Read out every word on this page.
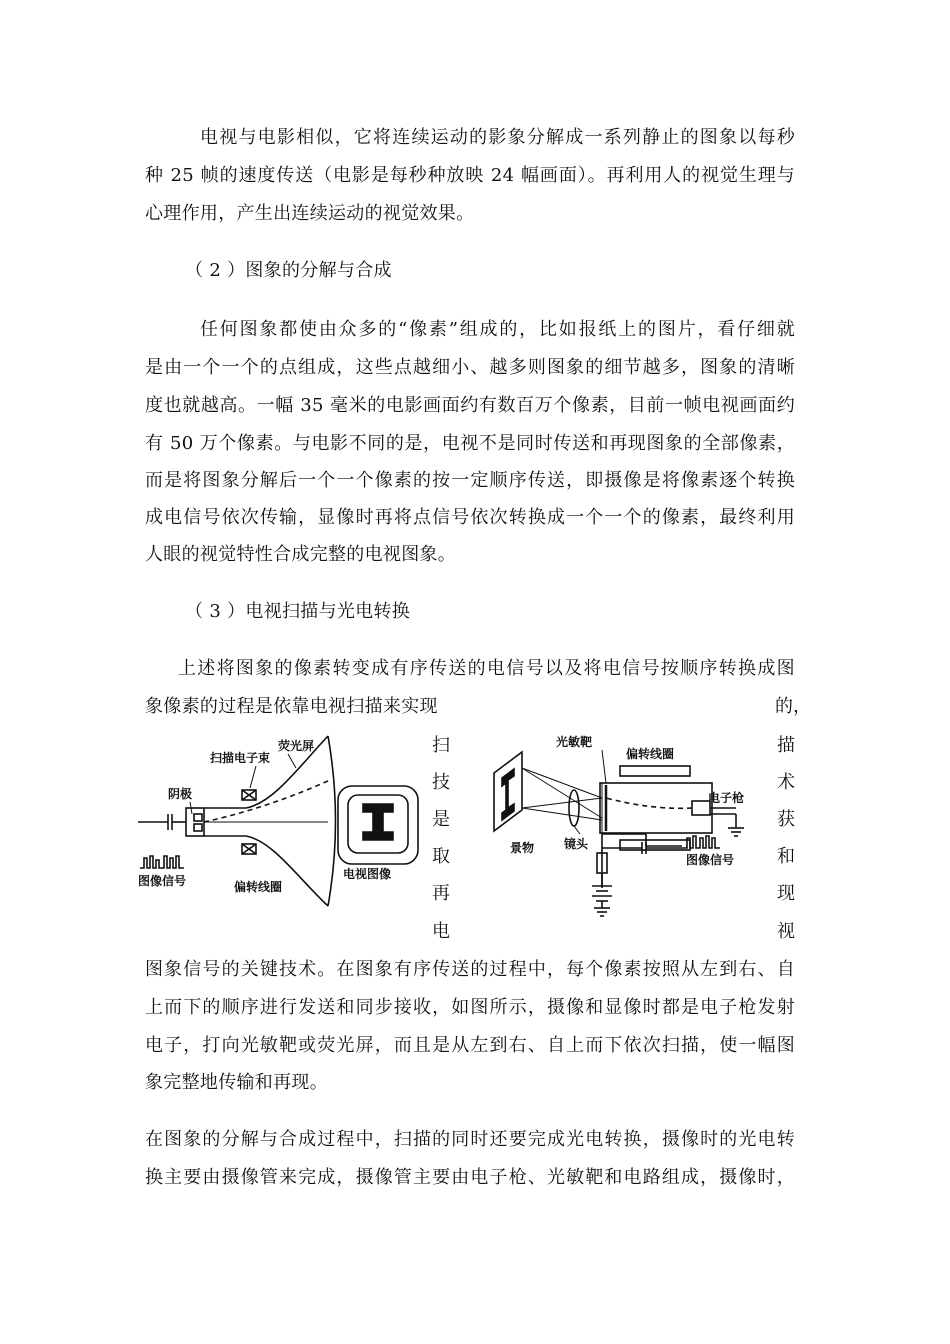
电视与电影相似，它将连续运动的影象分解成一系列静止的图象以每秒
种 25 帧的速度传送（电影是每秒种放映 24 幅画面）。再利用人的视觉生理与
心理作用，产生出连续运动的视觉效果。
（ 2 ）图象的分解与合成
任何图象都使由众多的“像素”组成的，比如报纸上的图片，看仔细就
是由一个一个的点组成，这些点越细小、越多则图象的细节越多，图象的清晰
度也就越高。一幅 35 毫米的电影画面约有数百万个像素，目前一帧电视画面约
有 50 万个像素。与电影不同的是，电视不是同时传送和再现图象的全部像素，
而是将图象分解后一个一个像素的按一定顺序传送，即摄像是将像素逐个转换
成电信号依次传输，显像时再将点信号依次转换成一个一个的像素，最终利用
人眼的视觉特性合成完整的电视图象。
（ 3 ）电视扫描与光电转换
上述将图象的像素转变成有序传送的电信号以及将电信号按顺序转换成图
象像素的过程是依靠电视扫描来实现	的，
扫
技
是
取
再
电
描
术
获
和
现
视
扫描电子束
荧光屏
阴极
图像信号	偏转线圈
电视图像
光敏靶
偏转线圈
电子枪
镜头
景物
图像信号
图象信号的关键技术。在图象有序传送的过程中，每个像素按照从左到右、自
上而下的顺序进行发送和同步接收，如图所示，摄像和显像时都是电子枪发射
电子，打向光敏靶或荧光屏，而且是从左到右、自上而下依次扫描，使一幅图
象完整地传输和再现。
在图象的分解与合成过程中，扫描的同时还要完成光电转换，摄像时的光电转
换主要由摄像管来完成，摄像管主要由电子枪、光敏靶和电路组成，摄像时，
